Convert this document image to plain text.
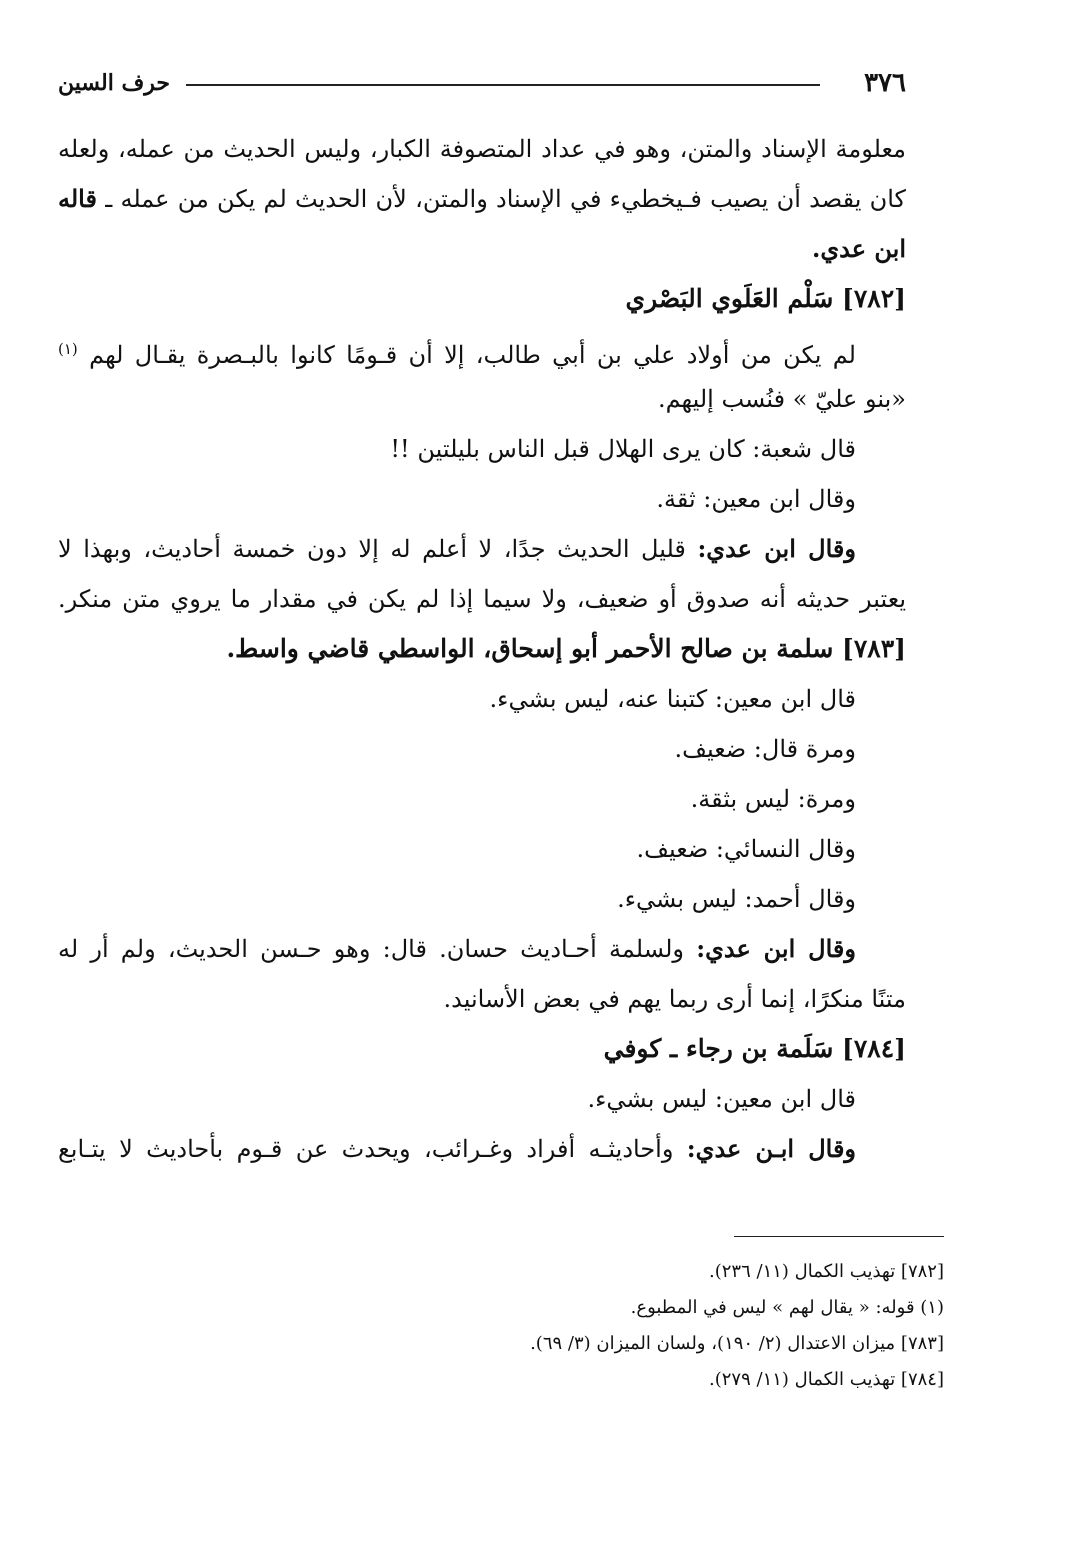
٣٧٦
حرف السين
معلومة الإسناد والمتن، وهو في عداد المتصوفة الكبار، وليس الحديث من عمله، ولعله
كان يقصد أن يصيب فـيخطيء في الإسناد والمتن، لأن الحديث لم يكن من عمله ـ قاله
ابن عدي.
[٧٨٢] سَلْم العَلَوي البَصْري
لم يكن من أولاد علي بن أبي طالب، إلا أن قـومًا كانوا بالبـصرة يقـال لهم $^{(١)}$
«بنو عليّ » فنُسب إليهم.
قال شعبة: كان يرى الهلال قبل الناس بليلتين !!
وقال ابن معين: ثقة.
وقال ابن عدي: قليل الحديث جدًا، لا أعلم له إلا دون خمسة أحاديث، وبهذا لا
يعتبر حديثه أنه صدوق أو ضعيف، ولا سيما إذا لم يكن في مقدار ما يروي متن منكر.
[٧٨٣] سلمة بن صالح الأحمر أبو إسحاق، الواسطي قاضي واسط.
قال ابن معين: كتبنا عنه، ليس بشيء.
ومرة قال: ضعيف.
ومرة: ليس بثقة.
وقال النسائي: ضعيف.
وقال أحمد: ليس بشيء.
وقال ابن عدي: ولسلمة أحـاديث حسان. قال: وهو حـسن الحديث، ولم أر له
متنًا منكرًا، إنما أرى ربما يهم في بعض الأسانيد.
[٧٨٤] سَلَمة بن رجاء ـ كوفي
قال ابن معين: ليس بشيء.
وقال ابـن عدي: وأحاديثـه أفراد وغـرائب، ويحدث عن قـوم بأحاديث لا يتـابع
[٧٨٢] تهذيب الكمال (١١/ ٢٣٦).
(١) قوله: « يقال لهم » ليس في المطبوع.
[٧٨٣] ميزان الاعتدال (٢/ ١٩٠)، ولسان الميزان (٣/ ٦٩).
[٧٨٤] تهذيب الكمال (١١/ ٢٧٩).
